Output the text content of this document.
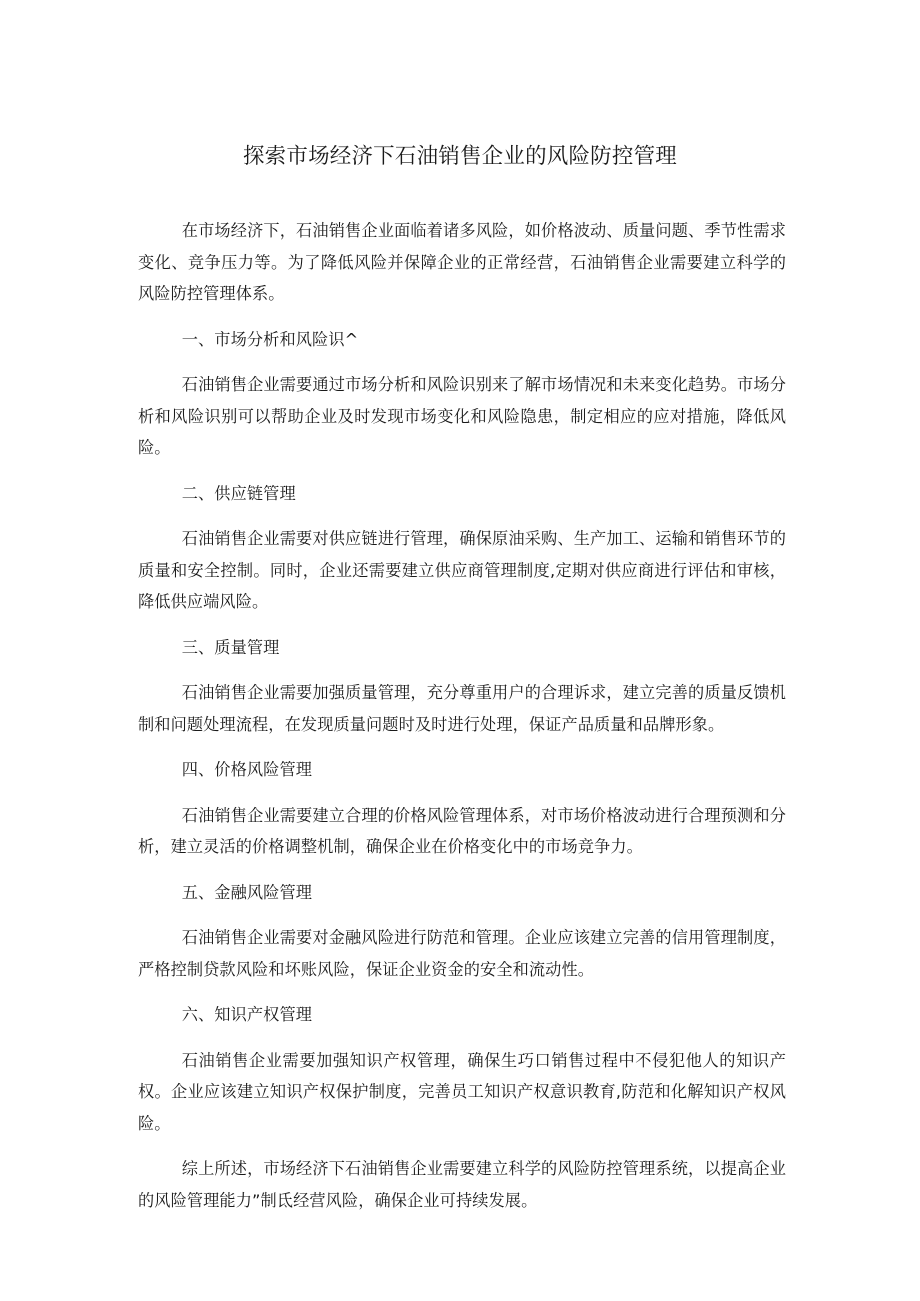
探索市场经济下石油销售企业的风险防控管理

在市场经济下，石油销售企业面临着诸多风险，如价格波动、质量问题、季节性需求变化、竞争压力等。为了降低风险并保障企业的正常经营，石油销售企业需要建立科学的风险防控管理体系。

一、市场分析和风险识^

石油销售企业需要通过市场分析和风险识别来了解市场情况和未来变化趋势。市场分析和风险识别可以帮助企业及时发现市场变化和风险隐患，制定相应的应对措施，降低风险。

二、供应链管理

石油销售企业需要对供应链进行管理，确保原油采购、生产加工、运输和销售环节的质量和安全控制。同时，企业还需要建立供应商管理制度,定期对供应商进行评估和审核，降低供应端风险。

三、质量管理

石油销售企业需要加强质量管理，充分尊重用户的合理诉求，建立完善的质量反馈机制和问题处理流程，在发现质量问题时及时进行处理，保证产品质量和品牌形象。

四、价格风险管理

石油销售企业需要建立合理的价格风险管理体系，对市场价格波动进行合理预测和分析，建立灵活的价格调整机制，确保企业在价格变化中的市场竞争力。

五、金融风险管理

石油销售企业需要对金融风险进行防范和管理。企业应该建立完善的信用管理制度，严格控制贷款风险和坏账风险，保证企业资金的安全和流动性。

六、知识产权管理

石油销售企业需要加强知识产权管理，确保生巧口销售过程中不侵犯他人的知识产权。企业应该建立知识产权保护制度，完善员工知识产权意识教育,防范和化解知识产权风险。

综上所述，市场经济下石油销售企业需要建立科学的风险防控管理系统，以提高企业的风险管理能力”制氐经营风险，确保企业可持续发展。
